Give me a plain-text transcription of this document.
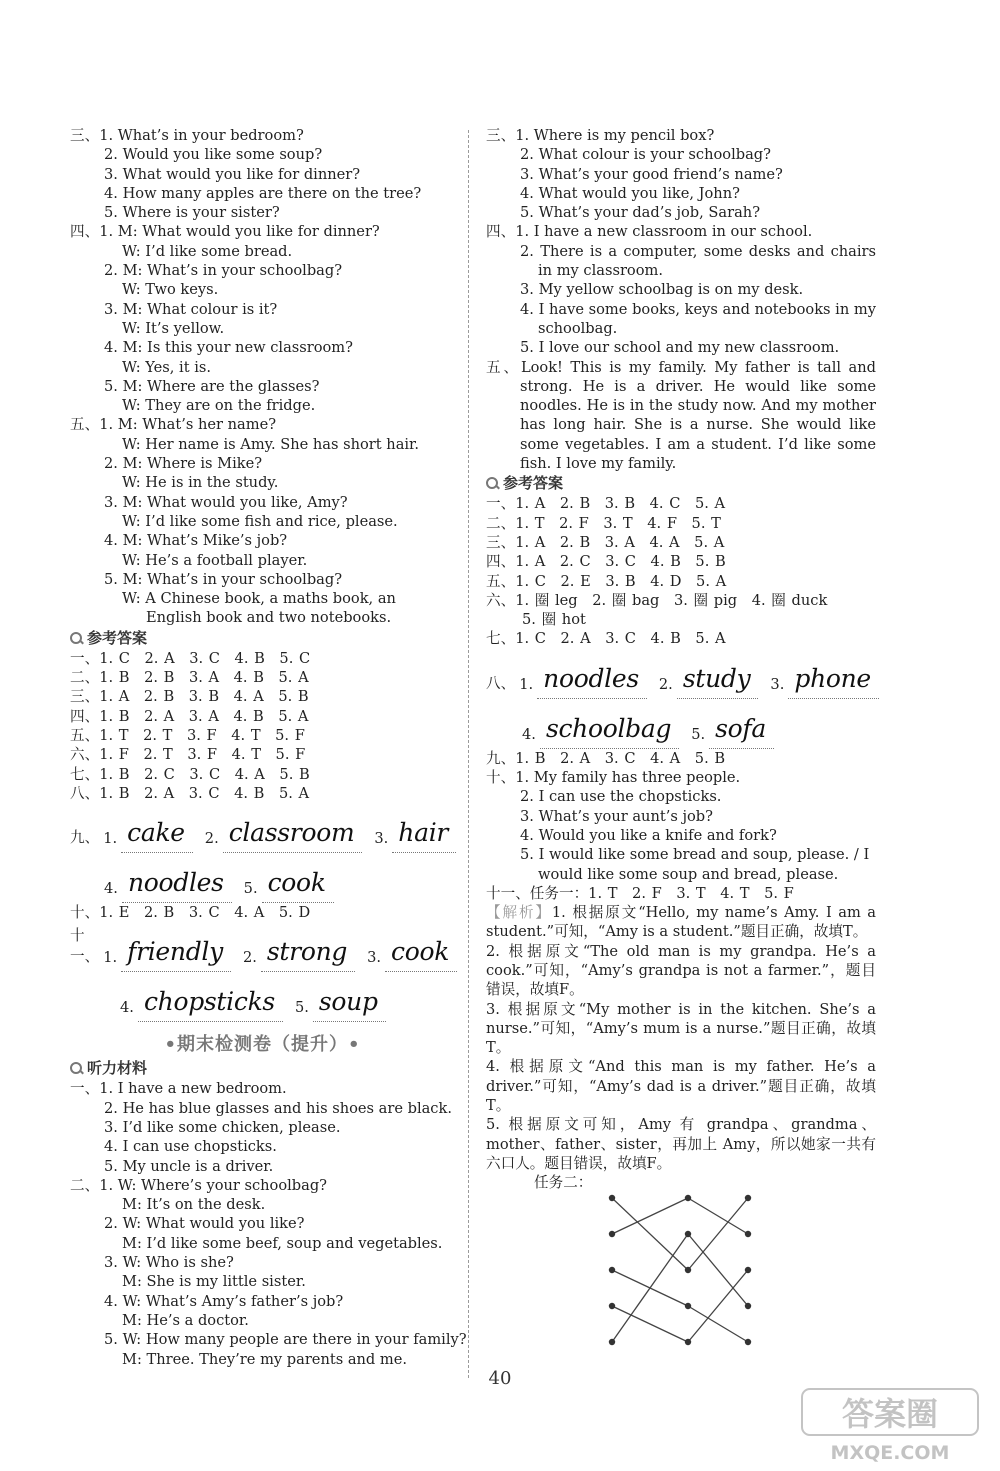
三、1. What’s in your bedroom?
2. Would you like some soup?
3. What would you like for dinner?
4. How many apples are there on the tree?
5. Where is your sister?
四、1. M: What would you like for dinner?
W: I’d like some bread.
2. M: What’s in your schoolbag?
W: Two keys.
3. M: What colour is it?
W: It’s yellow.
4. M: Is this your new classroom?
W: Yes, it is.
5. M: Where are the glasses?
W: They are on the fridge.
五、1. M: What’s her name?
W: Her name is Amy. She has short hair.
2. M: Where is Mike?
W: He is in the study.
3. M: What would you like, Amy?
W: I’d like some fish and rice, please.
4. M: What’s Mike’s job?
W: He’s a football player.
5. M: What’s in your schoolbag?
W: A Chinese book, a maths book, an English book and two notebooks.
参考答案
一、1. C　2. A　3. C　4. B　5. C
二、1. B　2. B　3. A　4. B　5. A
三、1. A　2. B　3. B　4. A　5. B
四、1. B　2. A　3. A　4. B　5. A
五、1. T　2. T　3. F　4. T　5. F
六、1. F　2. T　3. F　4. T　5. F
七、1. B　2. C　3. C　4. A　5. B
八、1. B　2. A　3. C　4. B　5. A
九、 1. cake	2. classroom	3. hair
4. noodles	5. cook
十、1. E　2. B　3. C　4. A　5. D
十一、 1. friendly	2. strong	3. cook
4. chopsticks	5. soup
•期末检测卷（提升）•
听力材料
一、1. I have a new bedroom.
2. He has blue glasses and his shoes are black.
3. I’d like some chicken, please.
4. I can use chopsticks.
5. My uncle is a driver.
二、1. W: Where’s your schoolbag?
M: It’s on the desk.
2. W: What would you like?
M: I’d like some beef, soup and vegetables.
3. W: Who is she?
M: She is my little sister.
4. W: What’s Amy’s father’s job?
M: He’s a doctor.
5. W: How many people are there in your family?
M: Three. They’re my parents and me.
三、1. Where is my pencil box?
2. What colour is your schoolbag?
3. What’s your good friend’s name?
4. What would you like, John?
5. What’s your dad’s job, Sarah?
四、1. I have a new classroom in our school.
2. There is a computer, some desks and chairs in my classroom.
3. My yellow schoolbag is on my desk.
4. I have some books, keys and notebooks in my schoolbag.
5. I love our school and my new classroom.
五、Look! This is my family. My father is tall and strong. He is a driver. He would like some noodles. He is in the study now. And my mother has long hair. She is a nurse. She would like some vegetables. I am a student. I’d like some fish. I love my family.
参考答案
一、1. A　2. B　3. B　4. C　5. A
二、1. T　2. F　3. T　4. F　5. T
三、1. A　2. B　3. A　4. A　5. A
四、1. A　2. C　3. C　4. B　5. B
五、1. C　2. E　3. B　4. D　5. A
六、1. 圈 leg　2. 圈 bag　3. 圈 pig　4. 圈 duck
5. 圈 hot
七、1. C　2. A　3. C　4. B　5. A
八、 1. noodles	2. study	3. phone
4. schoolbag	5. sofa
九、1. B　2. A　3. C　4. A　5. B
十、1. My family has three people.
2. I can use the chopsticks.
3. What’s your aunt’s job?
4. Would you like a knife and fork?
5. I would like some bread and soup, please. / I would like some soup and bread, please.
十一、任务一：1. T　2. F　3. T　4. T　5. F
【解析】1. 根据原文“Hello, my name’s Amy. I am a student.”可知，“Amy is a student.”题目正确，故填T。
2. 根据原文“The old man is my grandpa. He’s a cook.”可知，“Amy’s grandpa is not a farmer.”，题目错误，故填F。
3. 根据原文“My mother is in the kitchen. She’s a nurse.”可知，“Amy’s mum is a nurse.”题目正确，故填T。
4. 根据原文“And this man is my father. He’s a driver.”可知，“Amy’s dad is a driver.”题目正确，故填T。
5. 根据原文可知，Amy 有 grandpa、grandma、mother、father、sister，再加上 Amy，所以她家一共有六口人。题目错误，故填F。
任务二：
40
答案圈
MXQE.COM
